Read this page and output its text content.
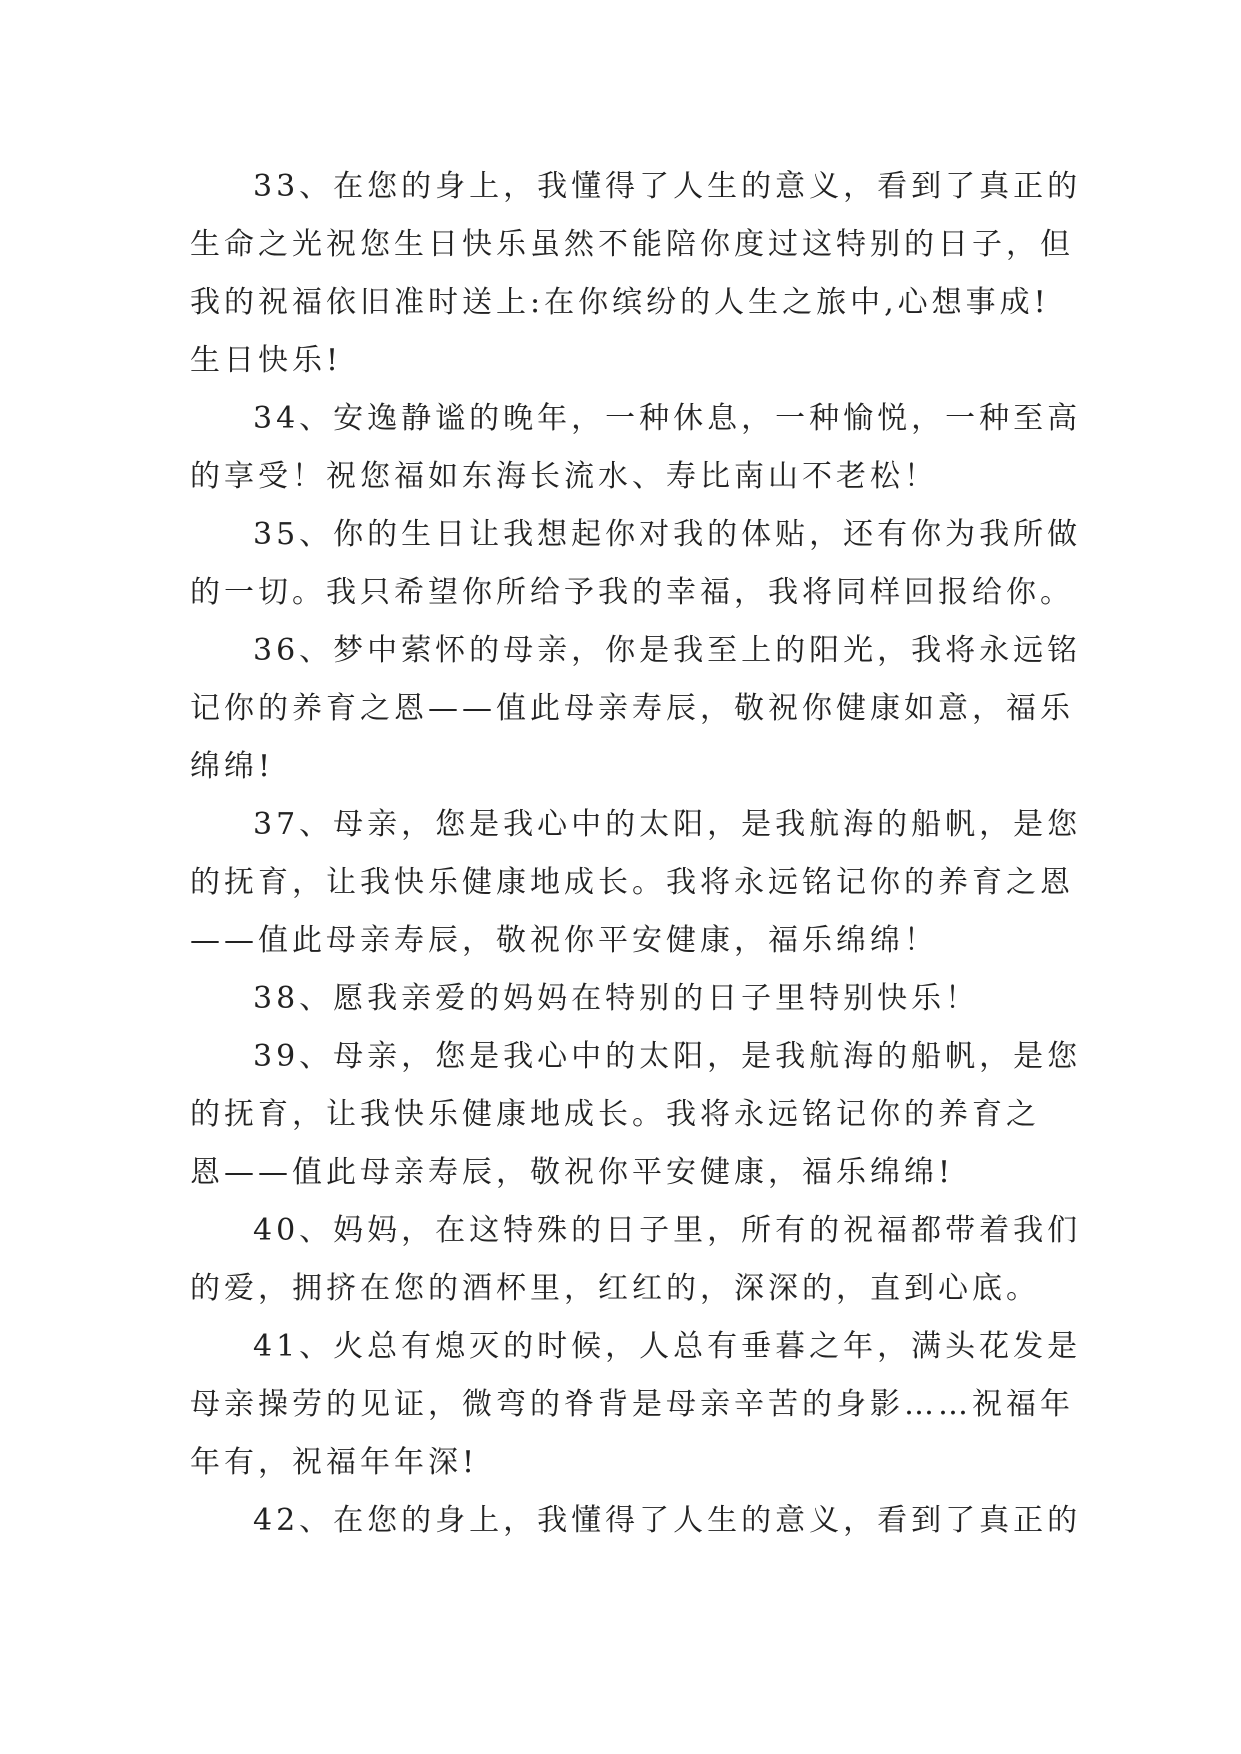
33、在您的身上，我懂得了人生的意义，看到了真正的
生命之光祝您生日快乐虽然不能陪你度过这特别的日子，但
我的祝福依旧准时送上:在你缤纷的人生之旅中,心想事成!
生日快乐!
34、安逸静谧的晚年，一种休息，一种愉悦，一种至高
的享受！祝您福如东海长流水、寿比南山不老松！
35、你的生日让我想起你对我的体贴，还有你为我所做
的一切。我只希望你所给予我的幸福，我将同样回报给你。
36、梦中萦怀的母亲，你是我至上的阳光，我将永远铭
记你的养育之恩——值此母亲寿辰，敬祝你健康如意，福乐
绵绵!
37、母亲，您是我心中的太阳，是我航海的船帆，是您
的抚育，让我快乐健康地成长。我将永远铭记你的养育之恩
——值此母亲寿辰，敬祝你平安健康，福乐绵绵！
38、愿我亲爱的妈妈在特别的日子里特别快乐！
39、母亲，您是我心中的太阳，是我航海的船帆，是您
的抚育，让我快乐健康地成长。我将永远铭记你的养育之
恩——值此母亲寿辰，敬祝你平安健康，福乐绵绵!
40、妈妈，在这特殊的日子里，所有的祝福都带着我们
的爱，拥挤在您的酒杯里，红红的，深深的，直到心底。
41、火总有熄灭的时候，人总有垂暮之年，满头花发是
母亲操劳的见证，微弯的脊背是母亲辛苦的身影……祝福年
年有，祝福年年深!
42、在您的身上，我懂得了人生的意义，看到了真正的
